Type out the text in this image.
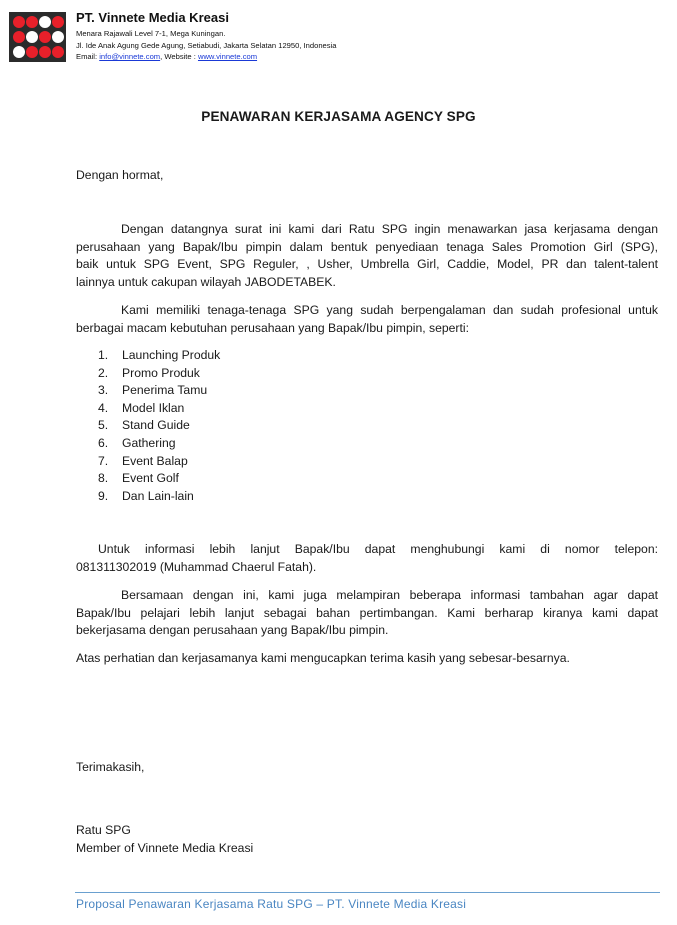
PT. Vinnete Media Kreasi
Menara Rajawali Level 7-1, Mega Kuningan.
Jl. Ide Anak Agung Gede Agung, Setiabudi, Jakarta Selatan 12950, Indonesia
Email: info@vinnete.com, Website : www.vinnete.com
PENAWARAN KERJASAMA AGENCY SPG
Dengan hormat,
Dengan datangnya surat ini kami dari Ratu SPG ingin menawarkan jasa kerjasama dengan
perusahaan yang Bapak/Ibu pimpin dalam bentuk penyediaan tenaga Sales Promotion Girl (SPG),
baik untuk SPG Event, SPG Reguler, , Usher, Umbrella Girl, Caddie, Model, PR dan talent-talent
lainnya untuk cakupan wilayah JABODETABEK.
Kami memiliki tenaga-tenaga SPG yang sudah berpengalaman dan sudah profesional untuk
berbagai macam kebutuhan perusahaan yang Bapak/Ibu pimpin, seperti:
1. Launching Produk
2. Promo Produk
3. Penerima Tamu
4. Model Iklan
5. Stand Guide
6. Gathering
7. Event Balap
8. Event Golf
9. Dan Lain-lain
Untuk informasi lebih lanjut Bapak/Ibu dapat menghubungi kami di nomor telepon:
081311302019 (Muhammad Chaerul Fatah).
Bersamaan dengan ini, kami juga melampiran beberapa informasi tambahan agar dapat
Bapak/Ibu pelajari lebih lanjut sebagai bahan pertimbangan. Kami berharap kiranya kami dapat
bekerjasama dengan perusahaan yang Bapak/Ibu pimpin.
Atas perhatian dan kerjasamanya kami mengucapkan terima kasih yang sebesar-besarnya.
Terimakasih,
Ratu SPG
Member of Vinnete Media Kreasi
Proposal Penawaran Kerjasama Ratu SPG – PT. Vinnete Media Kreasi
